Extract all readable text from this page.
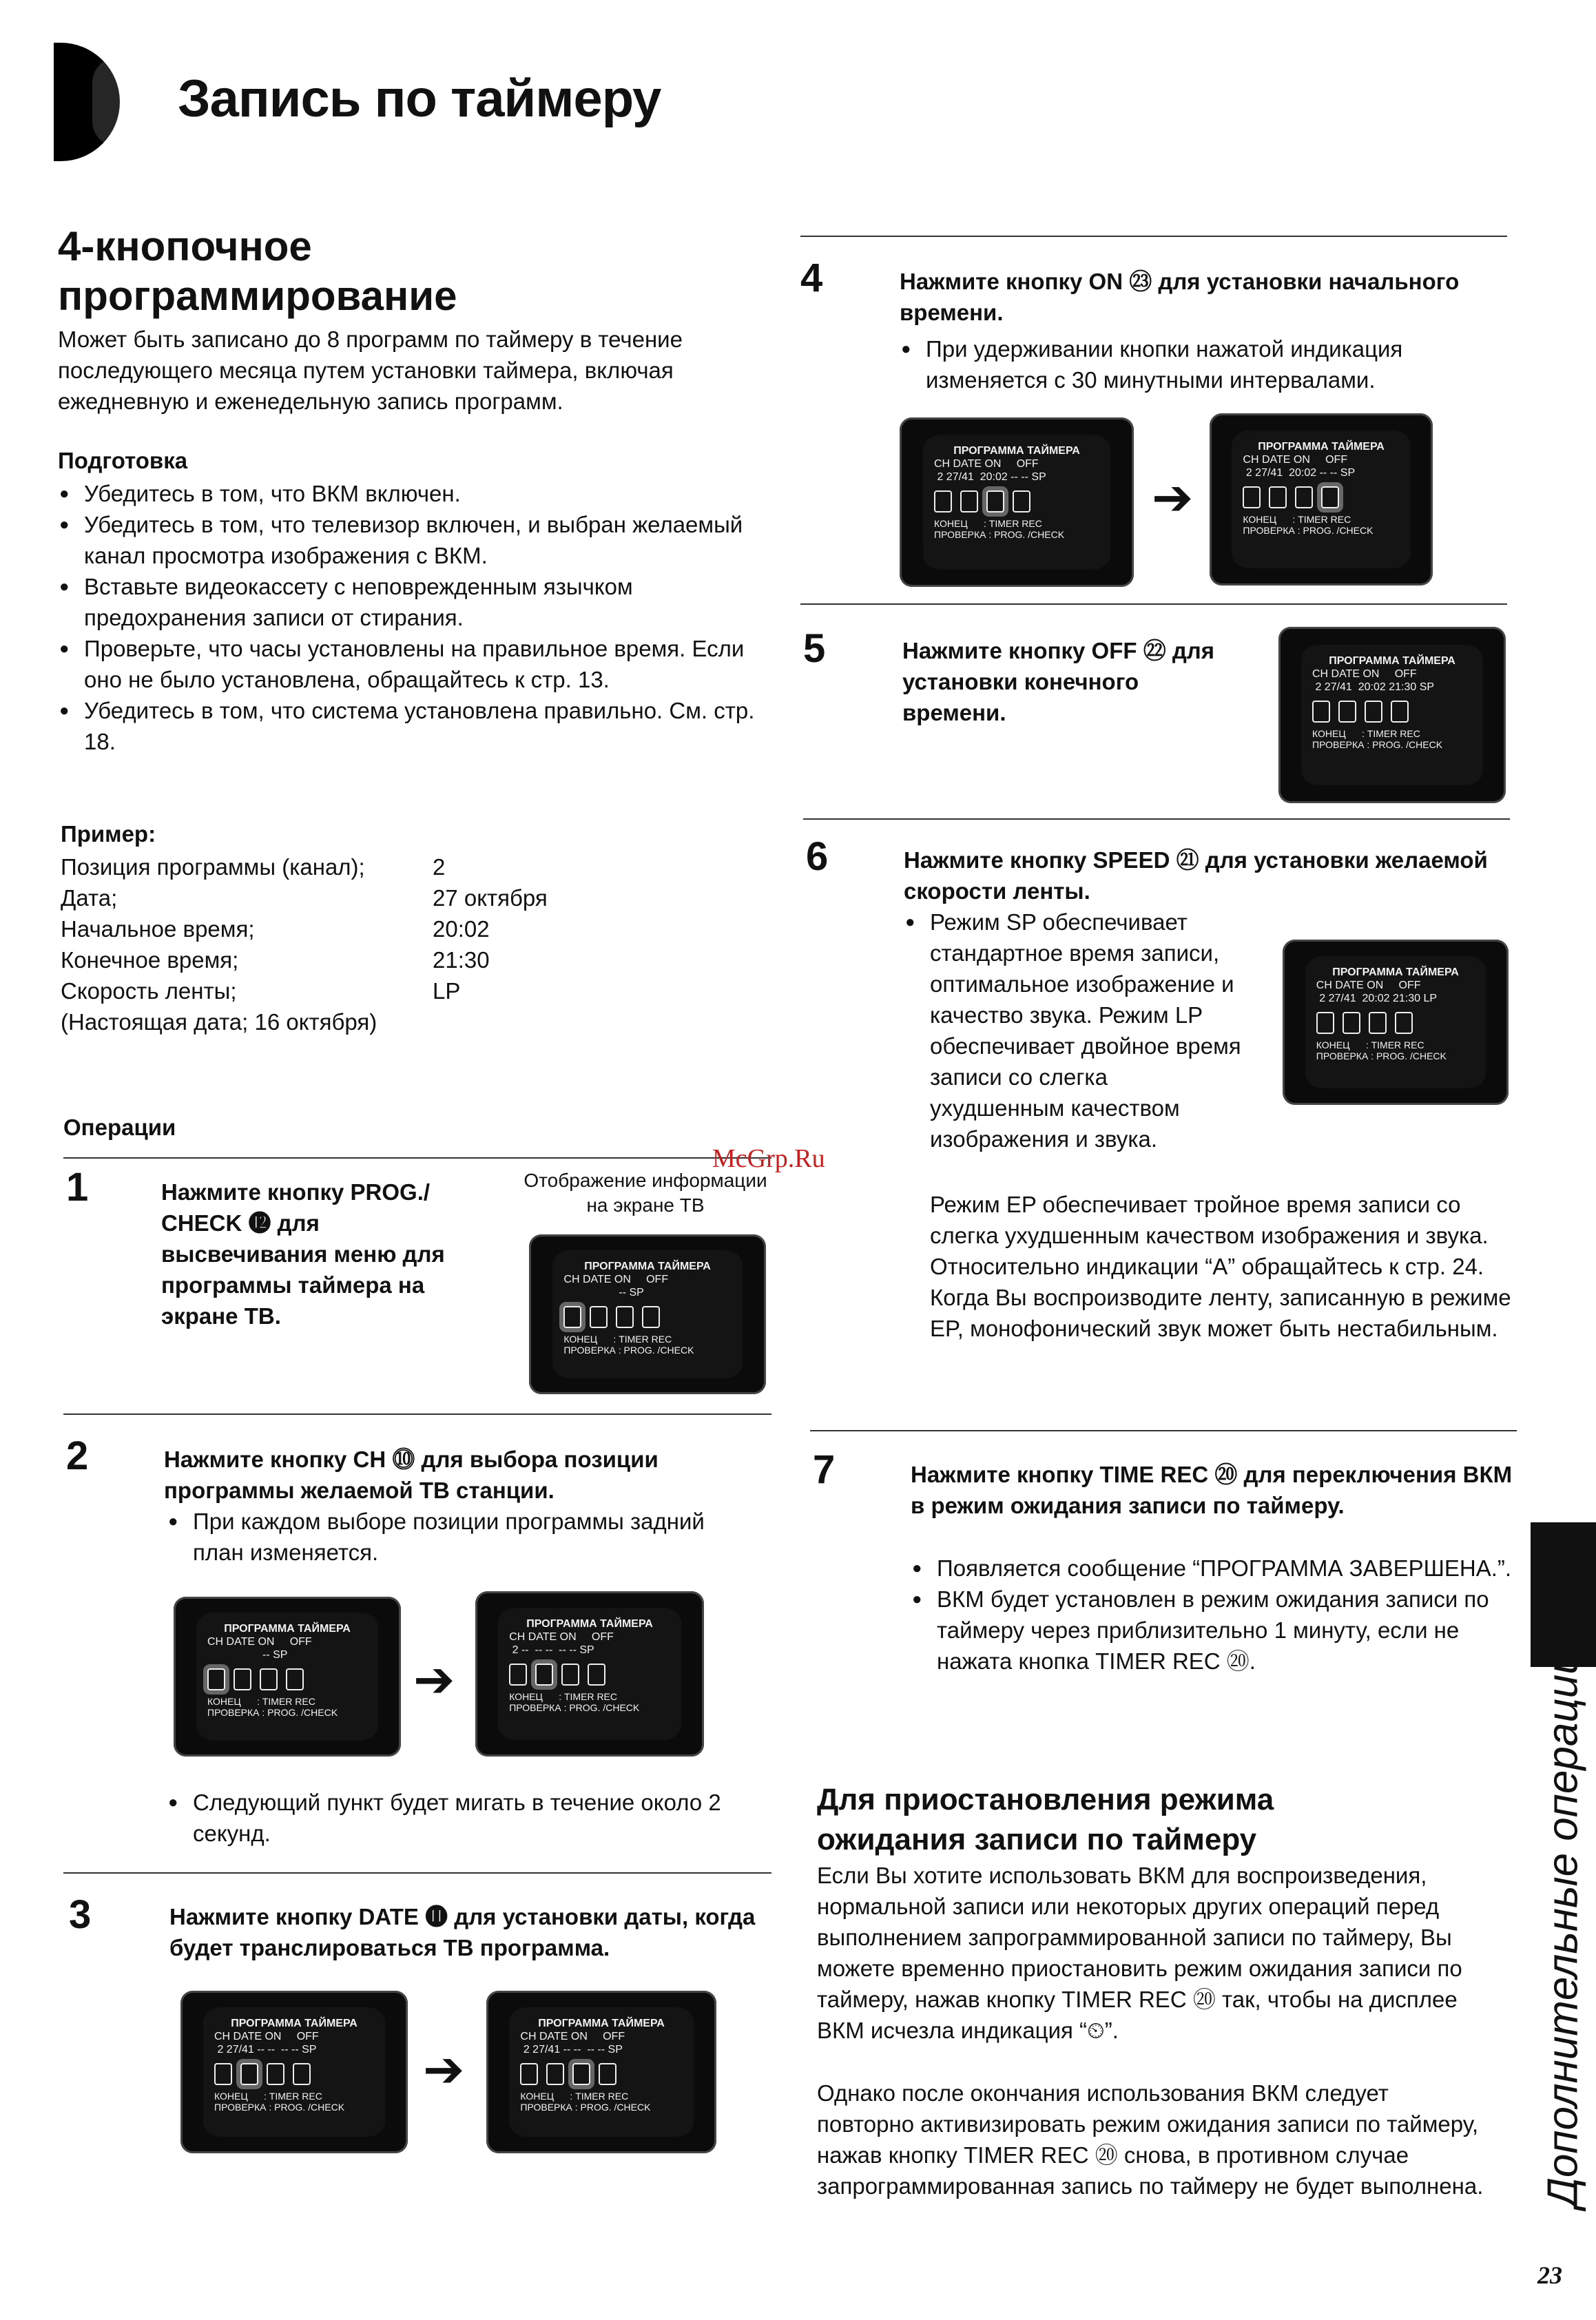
Запись по таймеру
4-кнопочное
программирование
Может быть записано до 8 программ по таймеру в течение последующего месяца путем установки таймера, включая ежедневную и еженедельную запись программ.
Подготовка
● Убедитесь в том, что ВКМ включен.
● Убедитесь в том, что телевизор включен, и выбран желаемый канал просмотра изображения с ВКМ.
● Вставьте видеокассету с неповрежденным язычком предохранения записи от стирания.
● Проверьте, что часы установлены на правильное время. Если оно не было установлена, обращайтесь к стр. 13.
● Убедитесь в том, что система установлена правильно. См. стр. 18.
Пример:
Позиция программы (канал);	2
Дата;	27 октября
Начальное время;	20:02
Конечное время;	21:30
Скорость ленты;	LP
(Настоящая дата; 16 октября)
Операции
1	Нажмите кнопку PROG./ CHECK ⓬ для высвечивания меню для программы таймера на экране ТВ.
Отображение информации на экране ТВ
ПРОГРАММА ТАЙМЕРА
CH DATE ON     OFF
-- SP
КОНЕЦ      : TIMER REC
ПРОВЕРКА : PROG. /CHECK
2	Нажмите кнопку CH ⓾ для выбора позиции программы желаемой ТВ станции.
● При каждом выборе позиции программы задний план изменяется.
ПРОГРАММА ТАЙМЕРА
CH DATE ON     OFF
-- SP
КОНЕЦ      : TIMER REC
ПРОВЕРКА : PROG. /CHECK
➔
ПРОГРАММА ТАЙМЕРА
CH DATE ON     OFF
2 --  -- --  -- -- SP
КОНЕЦ      : TIMER REC
ПРОВЕРКА : PROG. /CHECK
● Следующий пункт будет мигать в течение около 2 секунд.
3	Нажмите кнопку DATE ⓫ для установки даты, когда будет транслироваться ТВ программа.
ПРОГРАММА ТАЙМЕРА
CH DATE ON     OFF
2 27/41 -- --  -- -- SP
КОНЕЦ      : TIMER REC
ПРОВЕРКА : PROG. /CHECK
➔
ПРОГРАММА ТАЙМЕРА
CH DATE ON     OFF
2 27/41 -- --  -- -- SP
КОНЕЦ      : TIMER REC
ПРОВЕРКА : PROG. /CHECK
4	Нажмите кнопку ON ㉓ для установки начального времени.
● При удерживании кнопки нажатой индикация изменяется с 30 минутными интервалами.
ПРОГРАММА ТАЙМЕРА
CH DATE ON     OFF
2 27/41  20:02 -- -- SP
КОНЕЦ      : TIMER REC
ПРОВЕРКА : PROG. /CHECK
➔
ПРОГРАММА ТАЙМЕРА
CH DATE ON     OFF
2 27/41  20:02 -- -- SP
КОНЕЦ      : TIMER REC
ПРОВЕРКА : PROG. /CHECK
5	Нажмите кнопку OFF ㉒ для установки конечного времени.
ПРОГРАММА ТАЙМЕРА
CH DATE ON     OFF
2 27/41  20:02 21:30 SP
КОНЕЦ      : TIMER REC
ПРОВЕРКА : PROG. /CHECK
6	Нажмите кнопку SPEED ㉑ для установки желаемой скорости ленты.
● Режим SP обеспечивает стандартное время записи, оптимальное изображение и качество звука. Режим LP обеспечивает двойное время записи со слегка ухудшенным качеством изображения и звука.
ПРОГРАММА ТАЙМЕРА
CH DATE ON     OFF
2 27/41  20:02 21:30 LP
КОНЕЦ      : TIMER REC
ПРОВЕРКА : PROG. /CHECK
Режим EP обеспечивает тройное время записи со слегка ухудшенным качеством изображения и звука. Относительно индикации “A” обращайтесь к стр. 24. Когда Вы воспроизводите ленту, записанную в режиме EP, монофонический звук может быть нестабильным.
7	Нажмите кнопку TIME REC ⑳ для переключения ВКМ в режим ожидания записи по таймеру.
● Появляется сообщение “ПРОГРАММА ЗАВЕРШЕНА.”.
● ВКМ будет установлен в режим ожидания записи по таймеру через приблизительно 1 минуту, если не нажата кнопка TIMER REC ⑳.
Для приостановления режима
ожидания записи по таймеру
Если Вы хотите использовать ВКМ для воспроизведения, нормальной записи или некоторых других операций перед выполнением запрограммированной записи по таймеру, Вы можете временно приостановить режим ожидания записи по таймеру, нажав кнопку TIMER REC ⑳ так, чтобы на дисплее ВКМ исчезла индикация “⏲”.
Однако после окончания использования ВКМ следует повторно активизировать режим ожидания записи по таймеру, нажав кнопку TIMER REC ⑳ снова, в противном случае запрограммированная запись по таймеру не будет выполнена. Дополнительные операции
McGrp.Ru
23
